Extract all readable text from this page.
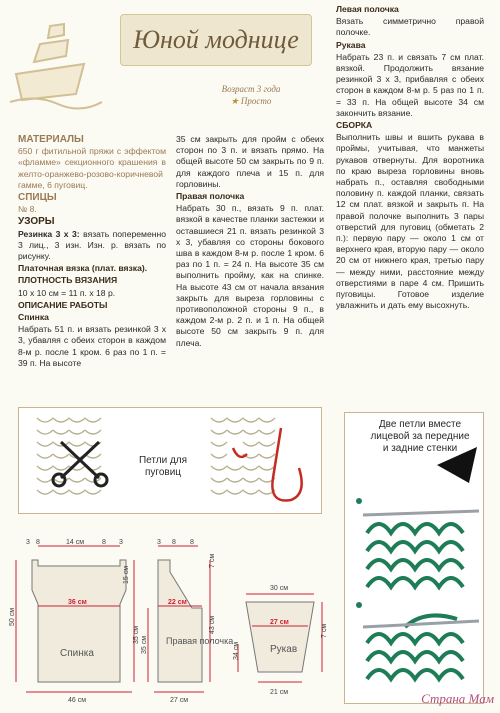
Юной моднице
Возраст 3 года
★ Просто

МАТЕРИАЛЫ

650 г фитильной пряжи с эффектом «фламме» секционного крашения в желто-оранжево-розово-коричневой гамме, 6 пуговиц.

СПИЦЫ

№ 8.

УЗОРЫ

Резинка 3 х 3: вязать попеременно 3 лиц., 3 изн. Изн. р. вязать по рисунку.

Платочная вязка (плат. вязка).

ПЛОТНОСТЬ ВЯЗАНИЯ

10 х 10 см = 11 п. х 18 р.

ОПИСАНИЕ РАБОТЫ

Спинка

Набрать 51 п. и вязать резинкой 3 х 3, убавляя с обеих сторон в каждом 8-м р. после 1 кром. 6 раз по 1 п. = 39 п. На высоте

35 см закрыть для пройм с обеих сторон по 3 п. и вязать прямо. На общей высоте 50 см закрыть по 9 п. для каждого плеча и 15 п. для горловины.

Правая полочка

Набрать 30 п., вязать 9 п. плат. вязкой в качестве планки застежки и оставшиеся 21 п. вязать резинкой 3 х 3, убавляя со стороны бокового шва в каждом 8-м р. после 1 кром. 6 раз по 1 п. = 24 п. На высоте 35 см выполнить пройму, как на спинке. На высоте 43 см от начала вязания закрыть для выреза горловины с противоположной стороны 9 п., в каждом 2-м р. 2 п. и 1 п. На общей высоте 50 см закрыть 9 п. для плеча.

Левая полочка

Вязать симметрично правой полочке.

Рукава

Набрать 23 п. и связать 7 см плат. вязкой. Продолжить вязание резинкой 3 х 3, прибавляя с обеих сторон в каждом 8-м р. 5 раз по 1 п. = 33 п. На общей высоте 34 см закончить вязание.

СБОРКА

Выполнить швы и вшить рукава в проймы, учитывая, что манжеты рукавов отвернуты. Для воротника по краю выреза горловины вновь набрать п., оставляя свободными половину п. каждой планки, связать 12 см плат. вязкой и закрыть п. На правой полочке выполнить 3 пары отверстий для пуговиц (обметать 2 п.): первую пару — около 1 см от верхнего края, вторую пару — около 20 см от нижнего края, третью пару — между ними, расстояние между отверстиями в паре 4 см. Пришить пуговицы. Готовое изделие увлажнить и дать ему высохнуть.

Петли для пуговиц
Две петли вместе лицевой за передние и задние стенки
3 8	14 см	8 3
36 см
46 см
50 см
15 см
35 см
Спинка
3 8 8
22 см
27 см
7 см
43 см
35 см Правая полочка
30 см
27 см
21 см
34 см
7 см
Рукав
Страна Мам
